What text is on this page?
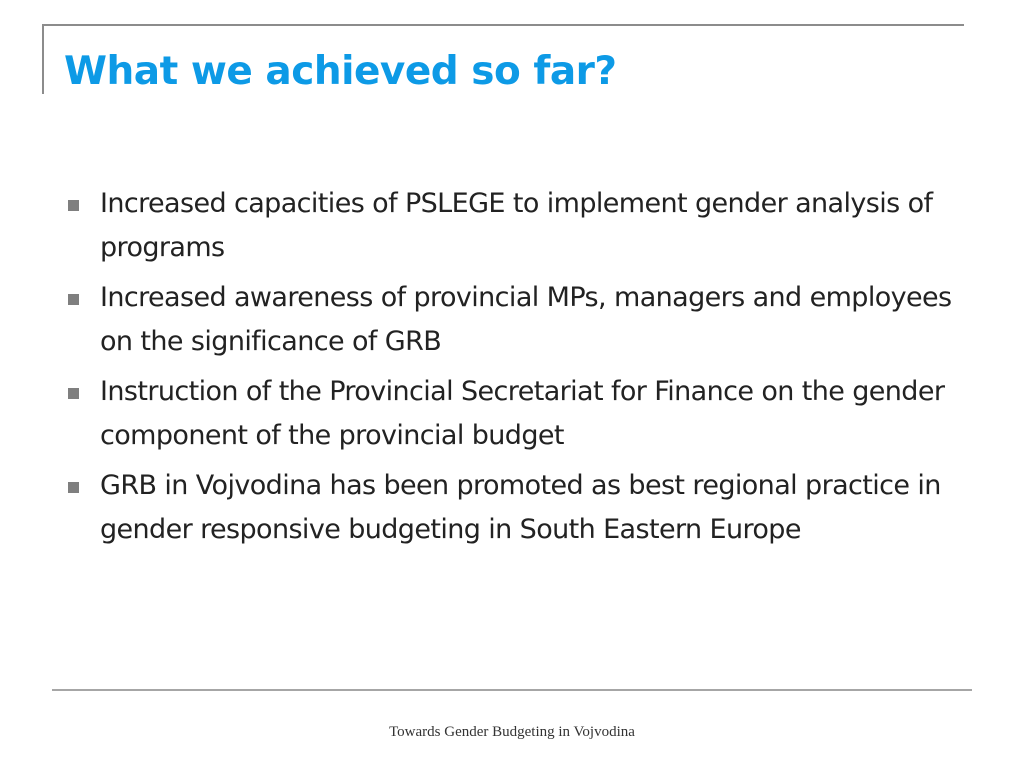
What we achieved so far?
Increased capacities of PSLEGE to implement gender analysis of programs
Increased awareness of provincial MPs, managers and employees on the significance of GRB
Instruction of the Provincial Secretariat for Finance on the gender component of the provincial budget
GRB in Vojvodina has been promoted as best regional practice in gender responsive budgeting in South Eastern Europe
Towards Gender Budgeting in Vojvodina
